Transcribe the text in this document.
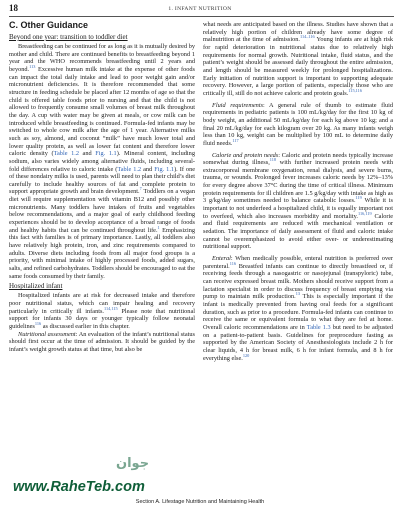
18	1. INFANT NUTRITION
C. Other Guidance
Beyond one year: transition to toddler diet

Breastfeeding can be continued for as long as it is mutually desired by mother and child. There are continued benefits to breastfeeding beyond 1 year and the WHO recommends breastfeeding until 2 years and beyond.$^{113}$ Excessive human milk intake at the expense of other foods can impact the total daily intake and lead to poor weight gain and/or micronutrient deficiencies. It is therefore recommended that some structure in feeding schedule be placed after 12 months of age so that the child is offered table foods prior to nursing and that the child is not allowed to frequently consume small volumes of breast milk throughout the day. A cup with water may be given at meals, or cow milk can be introduced while breastfeeding is continued. Formula-fed infants may be switched to whole cow milk after the age of 1 year. Alternative milks such as soy, almond, and coconut “milk” have much lower total and lower quality protein, as well as lower fat content and therefore lower caloric density (Table 1.2 and Fig. 1.1). Mineral content, including sodium, also varies widely among alternative fluids, including several-fold differences relative to caloric intake (Table 1.2 and Fig. 1.1). If one of these nondairy milks is used, parents will need to plan their child’s diet carefully to include healthy sources of fat and complete protein to support appropriate growth and brain development.$^7$ Toddlers on a vegan diet will require supplementation with vitamin B12 and possibly other micronutrients. Many toddlers have intakes of fruits and vegetables below recommendations, and a major goal of early childhood feeding experiences should be to develop acceptance of a broad range of foods and healthy habits that can be continued throughout life.$^1$ Emphasizing this fact with families is of primary importance. Lastly, all toddlers also have relatively high protein, iron, and zinc requirements compared to adults. Diverse diets including foods from all major food groups is a priority, with minimal intake of highly processed foods, added sugars, salts, and refined carbohydrates. Toddlers should be encouraged to eat the same foods consumed by their family.

Hospitalized infant

Hospitalized infants are at risk for decreased intake and therefore poor nutritional status, which can impair healing and recovery particularly in critically ill infants.$^{114,115}$ Please note that nutritional support for infants 30 days or younger typically follow neonatal guidelines$^{116}$ as discussed earlier in this chapter.

Nutritional assessment: An evaluation of the infant’s nutritional status should first occur at the time of admission. It should be guided by the infant’s weight growth status at that time, but also be

what needs are anticipated based on the illness. Studies have shown that a relatively high portion of children already have some degree of malnutrition at the time of admission.$^{114-116}$ Young infants are at high risk for rapid deterioration in nutritional status due to relatively high requirements for normal growth. Nutritional intake, fluid status, and the patient’s weight should be assessed daily throughout the entire admission, and length should be measured weekly for prolonged hospitalizations. Early initiation of nutrition support is important to supporting adequate recovery. However, a large portion of patients, especially those who are critically ill, still do not achieve caloric and protein goals.$^{115,116}$

Fluid requirements: A general rule of thumb to estimate fluid requirements in pediatric patients is 100 mL/kg/day for the first 10 kg of body weight, an additional 50 mL/kg/day for each kg above 10 kg; and a final 20 mL/kg/day for each kilogram over 20 kg. As many infants weigh less than 10 kg, weight can be multiplied by 100 mL to determine daily fluid needs.$^{117}$

Calorie and protein needs: Caloric and protein needs typically increase somewhat during illness,$^{118}$ with further increased protein needs with extracorporeal membrane oxygenation, renal dialysis, and severe burns, trauma, or wounds. Prolonged fever increases caloric needs by 12%–13% for every degree above 37°C during the time of critical illness. Minimum protein requirements for ill children are 1.5 g/kg/day with intake as high as 3 g/kg/day sometimes needed to balance catabolic losses.$^{119}$ While it is important to not underfeed a hospitalized child, it is equally important not to overfeed, which also increases morbidity and mortality.$^{116,119}$ Calorie and fluid requirements are reduced with mechanical ventilation or sedation. The importance of daily assessment of fluid and caloric intake cannot be overemphasized to avoid either over- or underestimating nutritional support.

Enteral: When medically possible, enteral nutrition is preferred over parenteral.$^{116}$ Breastfed infants can continue to directly breastfeed or, if receiving feeds through a nasogastric or nasojejunal (transpyloric) tube, can receive expressed breast milk. Mothers should receive support from a lactation specialist in order to discuss frequency of breast emptying via pump to maintain milk production.$^{13}$ This is especially important if the infant is medically prevented from having oral feeds for a significant duration, such as prior to a procedure. Formula-fed infants can continue to receive the same or equivalent formula to what they are fed at home. Overall caloric recommendations are in Table 1.3 but need to be adjusted on a patient-to-patient basis. Guidelines for preprocedure fasting as supported by the American Society of Anesthesiologists include 2 h for clear liquids, 4 h for breast milk, 6 h for infant formula, and 8 h for everything else.$^{120}$

جوان
www.RaheTeb.com
Section A. Lifestage Nutrition and Maintaining Health
